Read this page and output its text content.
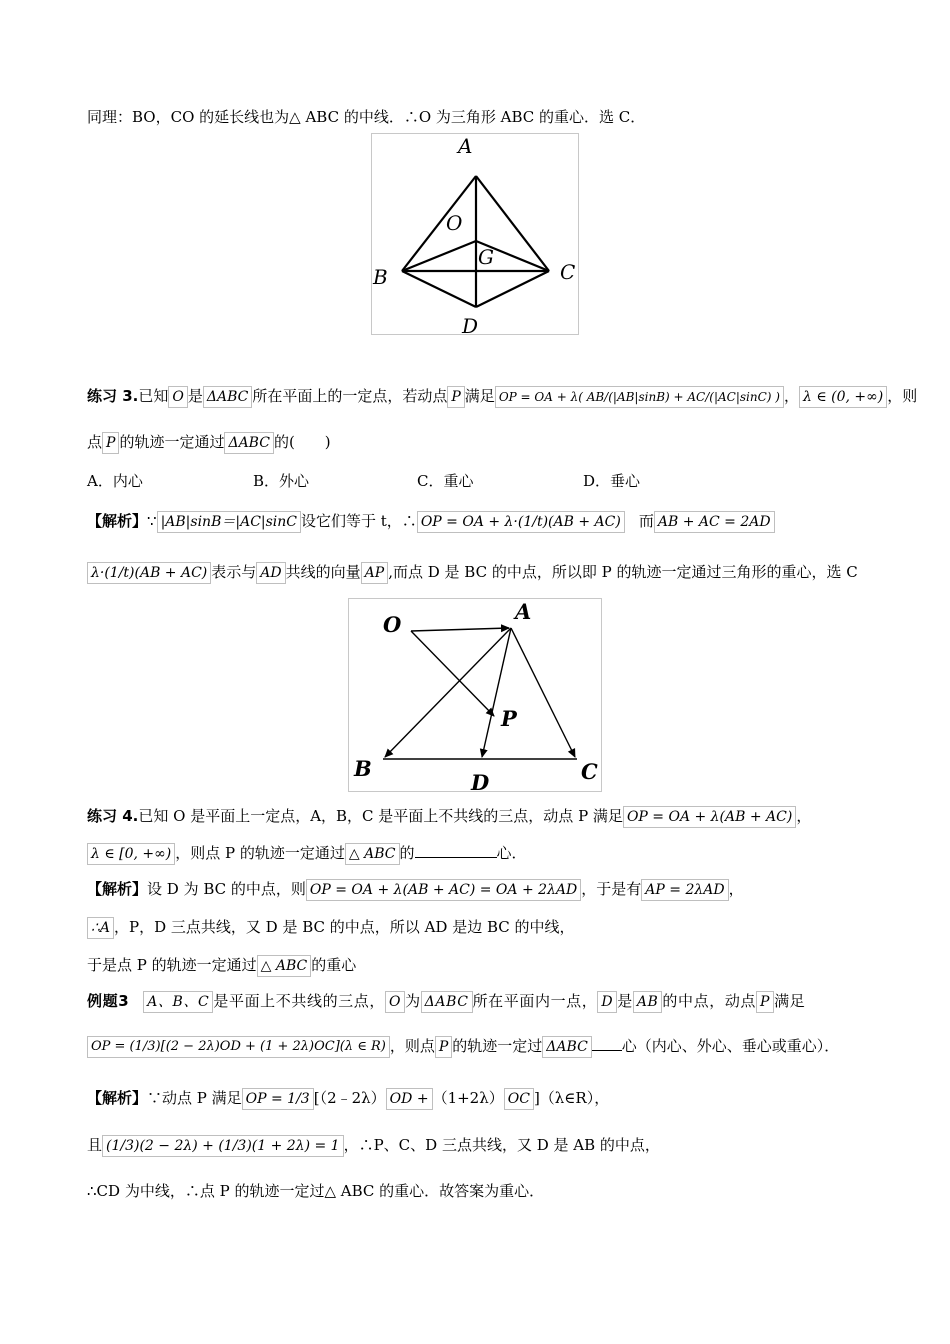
同理：BO，CO 的延长线也为△ ABC 的中线．∴O 为三角形 ABC 的重心．选 C．
A
O
G
B	C
D
练习 3.已知 O 是 ΔABC 所在平面上的一定点，若动点 P 满足 OP = OA + λ( AB/(|AB|sinB) + AC/(|AC|sinC) ) ， λ ∈ (0, +∞) ，则
点 P 的轨迹一定通过 ΔABC 的(　　)
A．内心	B．外心	C．重心	D．垂心
【解析】∵ |AB|sinB＝|AC|sinC 设它们等于 t，∴ OP = OA + λ·(1/t)(AB + AC) 而 AB + AC = 2AD
λ·(1/t)(AB + AC) 表示与 AD 共线的向量 AP ,而点 D 是 BC 的中点，所以即 P 的轨迹一定通过三角形的重心，选 C
O
A
P
B
D	C
练习 4.已知 O 是平面上一定点，A，B，C 是平面上不共线的三点，动点 P 满足 OP = OA + λ(AB + AC) ，
λ ∈ [0, +∞) ，则点 P 的轨迹一定通过 △ ABC 的	心．
【解析】设 D 为 BC 的中点，则 OP = OA + λ(AB + AC) = OA + 2λAD ，于是有 AP = 2λAD ，
∴A ，P，D 三点共线，又 D 是 BC 的中点，所以 AD 是边 BC 的中线，
于是点 P 的轨迹一定通过 △ ABC 的重心
例题3 A、B、C 是平面上不共线的三点， O 为 ΔABC 所在平面内一点， D 是 AB 的中点，动点 P 满足
OP = (1/3)[(2 − 2λ)OD + (1 + 2λ)OC](λ ∈ R) ，则点 P 的轨迹一定过 ΔABC 心（内心、外心、垂心或重心）．
【解析】∵动点 P 满足 OP = 1/3 [（2﹣2λ） OD + （1+2λ） OC ]（λ∈R），
且 (1/3)(2 − 2λ) + (1/3)(1 + 2λ) = 1 ，∴P、C、D 三点共线，又 D 是 AB 的中点，
∴CD 为中线，∴点 P 的轨迹一定过△ ABC 的重心．故答案为重心．
